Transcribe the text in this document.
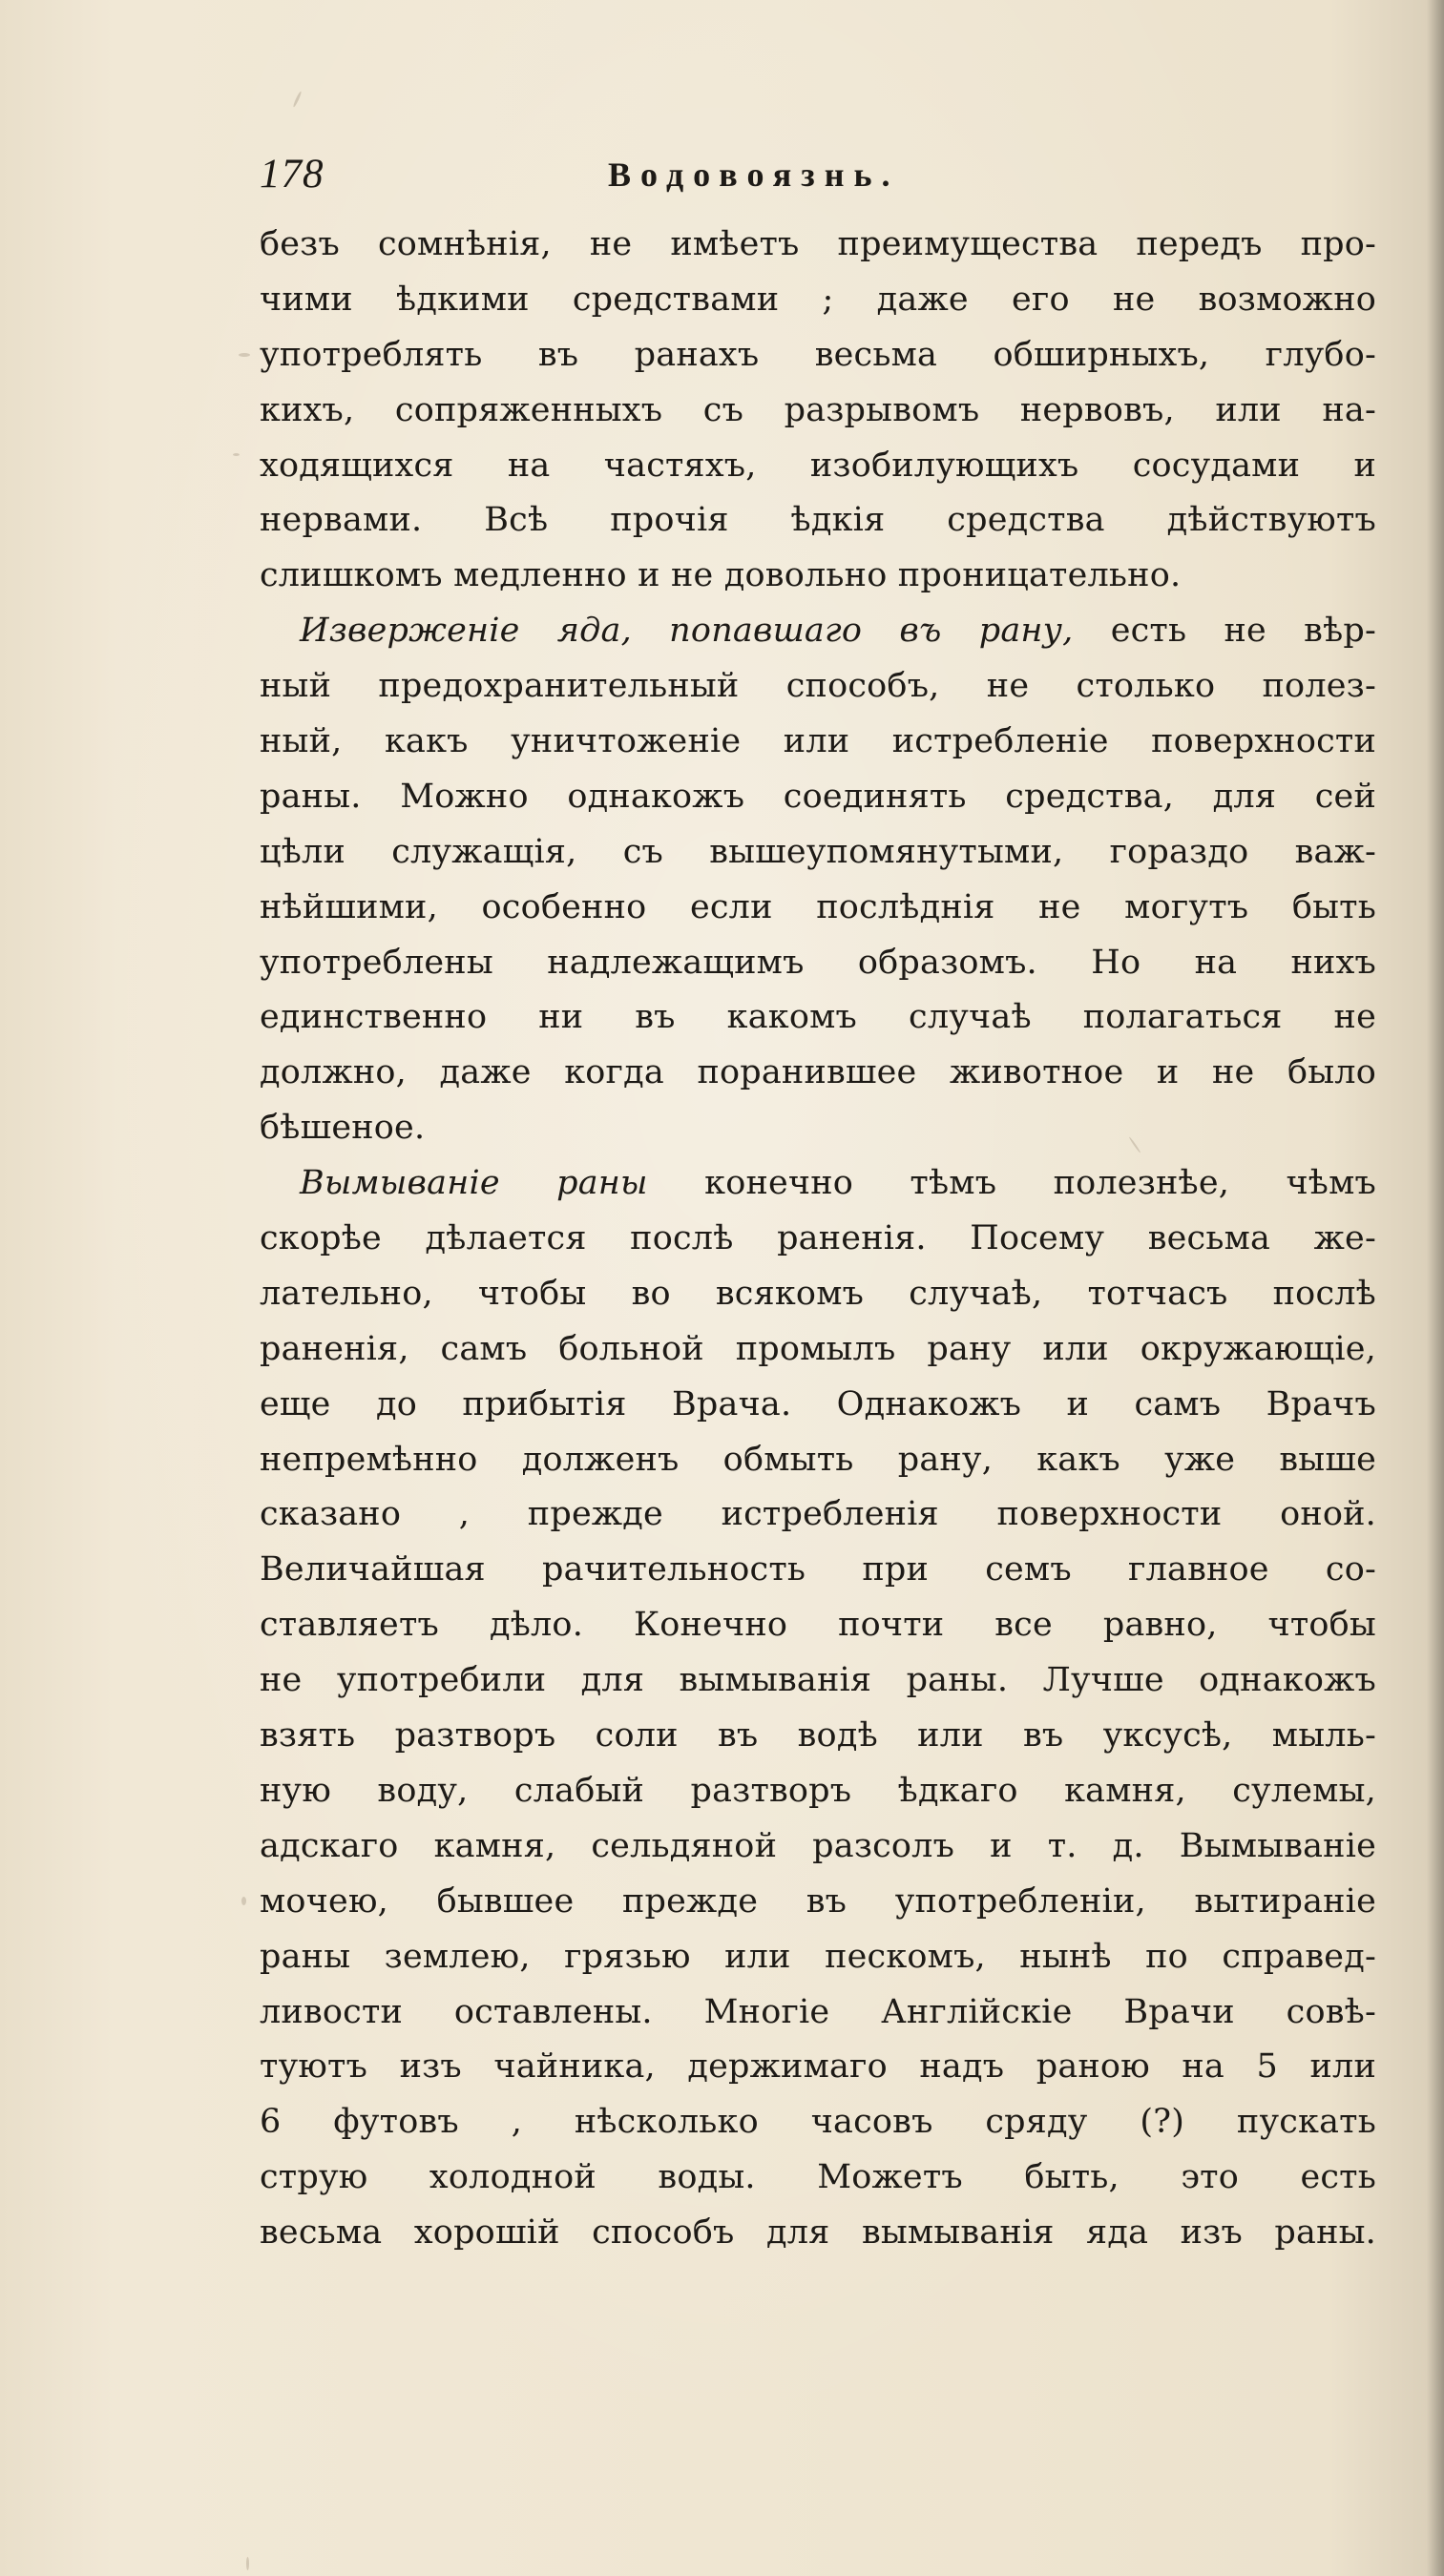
178	Водовоязнь.
безъ сомнѣнія, не имѣетъ преимущества передъ про-
чими ѣдкими средствами ; даже его не возможно
употреблять въ ранахъ весьма обширныхъ, глубо-
кихъ, сопряженныхъ съ разрывомъ нервовъ, или на-
ходящихся на частяхъ, изобилующихъ сосудами и
нервами. Всѣ прочія ѣдкія средства дѣйствуютъ
слишкомъ медленно и не довольно проницательно.
Изверженіе яда, попавшаго въ рану, есть не вѣр-
ный предохранительный способъ, не столько полез-
ный, какъ уничтоженіе или истребленіе поверхности
раны. Можно однакожъ соединять средства, для сей
цѣли служащія, съ вышеупомянутыми, гораздо важ-
нѣйшими, особенно если послѣднія не могутъ быть
употреблены надлежащимъ образомъ. Но на нихъ
единственно ни въ какомъ случаѣ полагаться не
должно, даже когда поранившее животное и не было
бѣшеное.
Вымыванiе раны конечно тѣмъ полезнѣе, чѣмъ
скорѣе дѣлается послѣ раненія. Посему весьма же-
лательно, чтобы во всякомъ случаѣ, тотчасъ послѣ
раненія, самъ больной промылъ рану или окружающіе,
еще до прибытія Врача. Однакожъ и самъ Врачъ
непремѣнно долженъ обмыть рану, какъ уже выше
сказано , прежде истребленія поверхности оной.
Величайшая рачительность при семъ главное со-
ставляетъ дѣло. Конечно почти все равно, чтобы
не употребили для вымыванія раны. Лучше однакожъ
взять разтворъ соли въ водѣ или въ уксусѣ, мыль-
ную воду, слабый разтворъ ѣдкаго камня, сулемы,
адскаго камня, сельдяной разсолъ и т. д. Вымываніе
мочею, бывшее прежде въ употребленіи, вытираніе
раны землею, грязью или пескомъ, нынѣ по справед-
ливости оставлены. Многіе Англійскіе Врачи совѣ-
туютъ изъ чайника, держимаго надъ раною на 5 или
6 футовъ , нѣсколько часовъ сряду (?) пускать
струю холодной воды. Можетъ быть, это есть
весьма хорошій способъ для вымыванія яда изъ раны.
